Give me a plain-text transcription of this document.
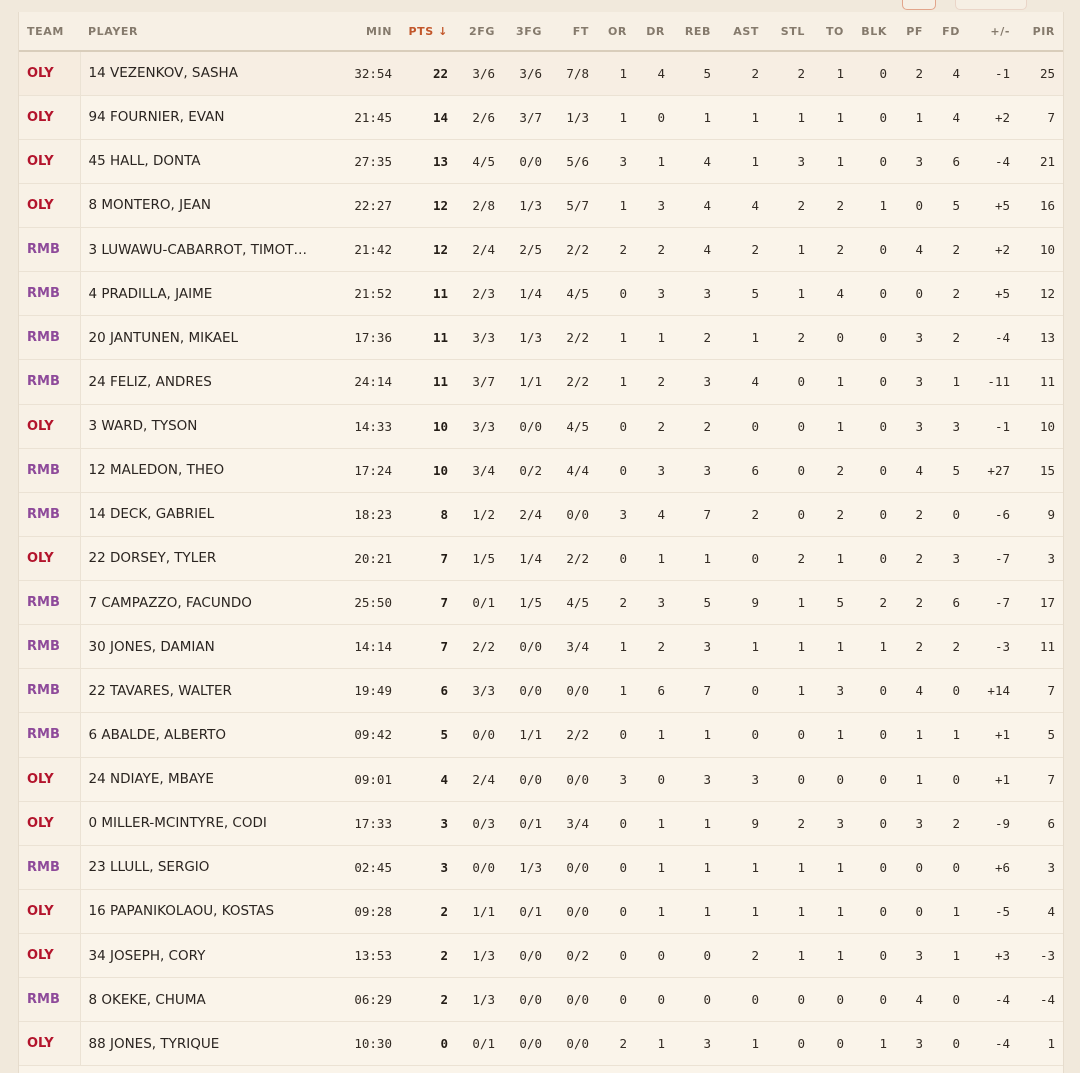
TEAM	PLAYER	MIN	PTS ↓	2FG	3FG	FT	OR	DR	REB	AST	STL	TO	BLK	PF	FD	+/-	PIR
OLY	14 VEZENKOV, SASHA	32:54	22	3/6	3/6	7/8	1	4	5	2	2	1	0	2	4	-1	25
OLY	94 FOURNIER, EVAN	21:45	14	2/6	3/7	1/3	1	0	1	1	1	1	0	1	4	+2	7
OLY	45 HALL, DONTA	27:35	13	4/5	0/0	5/6	3	1	4	1	3	1	0	3	6	-4	21
OLY	8 MONTERO, JEAN	22:27	12	2/8	1/3	5/7	1	3	4	4	2	2	1	0	5	+5	16
RMB	3 LUWAWU-CABARROT, TIMOT…	21:42	12	2/4	2/5	2/2	2	2	4	2	1	2	0	4	2	+2	10
RMB	4 PRADILLA, JAIME	21:52	11	2/3	1/4	4/5	0	3	3	5	1	4	0	0	2	+5	12
RMB	20 JANTUNEN, MIKAEL	17:36	11	3/3	1/3	2/2	1	1	2	1	2	0	0	3	2	-4	13
RMB	24 FELIZ, ANDRES	24:14	11	3/7	1/1	2/2	1	2	3	4	0	1	0	3	1	-11	11
OLY	3 WARD, TYSON	14:33	10	3/3	0/0	4/5	0	2	2	0	0	1	0	3	3	-1	10
RMB	12 MALEDON, THEO	17:24	10	3/4	0/2	4/4	0	3	3	6	0	2	0	4	5	+27	15
RMB	14 DECK, GABRIEL	18:23	8	1/2	2/4	0/0	3	4	7	2	0	2	0	2	0	-6	9
OLY	22 DORSEY, TYLER	20:21	7	1/5	1/4	2/2	0	1	1	0	2	1	0	2	3	-7	3
RMB	7 CAMPAZZO, FACUNDO	25:50	7	0/1	1/5	4/5	2	3	5	9	1	5	2	2	6	-7	17
RMB	30 JONES, DAMIAN	14:14	7	2/2	0/0	3/4	1	2	3	1	1	1	1	2	2	-3	11
RMB	22 TAVARES, WALTER	19:49	6	3/3	0/0	0/0	1	6	7	0	1	3	0	4	0	+14	7
RMB	6 ABALDE, ALBERTO	09:42	5	0/0	1/1	2/2	0	1	1	0	0	1	0	1	1	+1	5
OLY	24 NDIAYE, MBAYE	09:01	4	2/4	0/0	0/0	3	0	3	3	0	0	0	1	0	+1	7
OLY	0 MILLER-MCINTYRE, CODI	17:33	3	0/3	0/1	3/4	0	1	1	9	2	3	0	3	2	-9	6
RMB	23 LLULL, SERGIO	02:45	3	0/0	1/3	0/0	0	1	1	1	1	1	0	0	0	+6	3
OLY	16 PAPANIKOLAOU, KOSTAS	09:28	2	1/1	0/1	0/0	0	1	1	1	1	1	0	0	1	-5	4
OLY	34 JOSEPH, CORY	13:53	2	1/3	0/0	0/2	0	0	0	2	1	1	0	3	1	+3	-3
RMB	8 OKEKE, CHUMA	06:29	2	1/3	0/0	0/0	0	0	0	0	0	0	0	4	0	-4	-4
OLY	88 JONES, TYRIQUE	10:30	0	0/1	0/0	0/0	2	1	3	1	0	0	1	3	0	-4	1
